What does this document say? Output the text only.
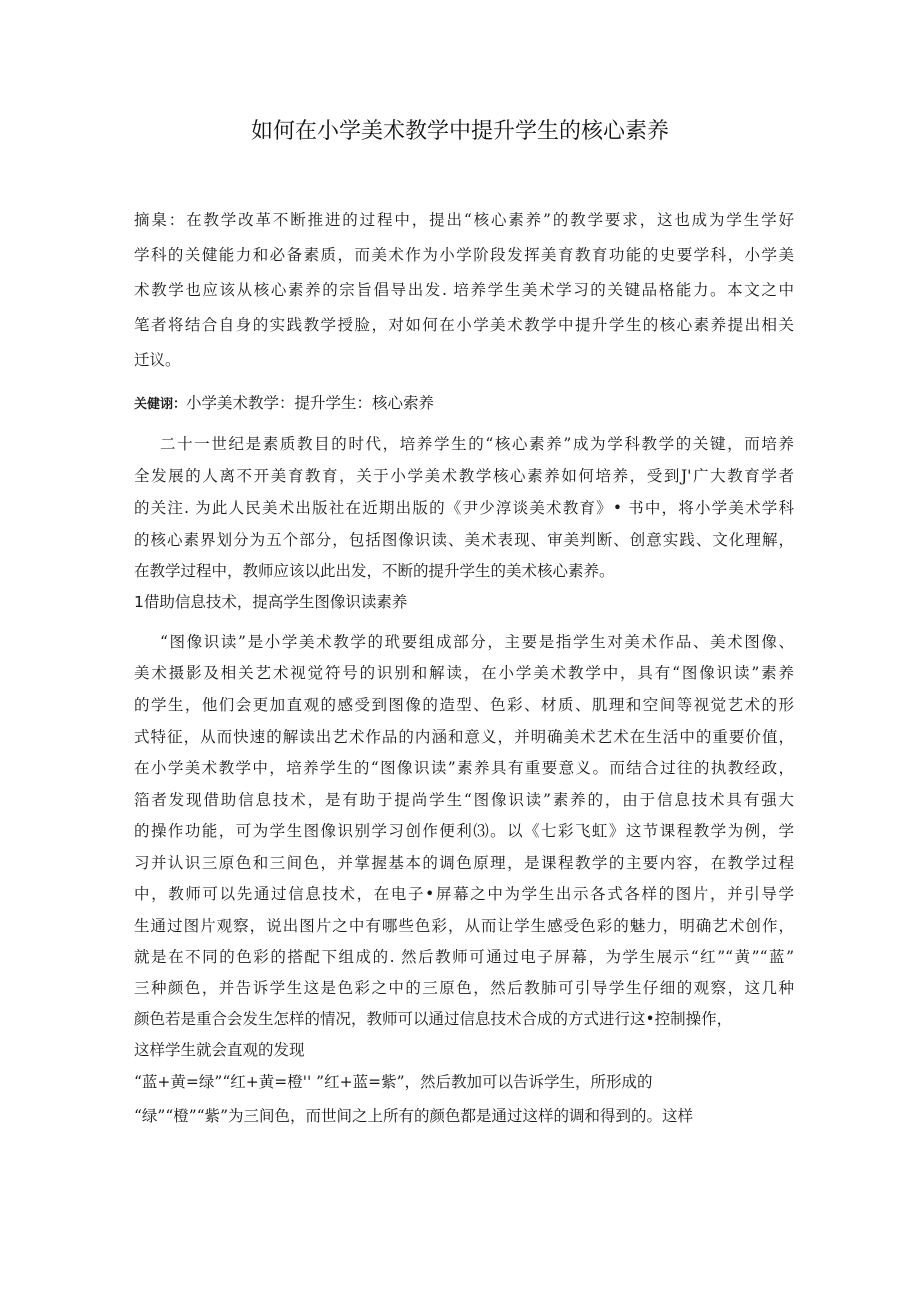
如何在小学美术教学中提升学生的核心素养
摘臬：在教学改革不断推进的过程中，提出“核心素养”的教学要求，这也成为学生学好
学科的关健能力和必备素质，而美术作为小学阶段发挥美育教育功能的史要学科，小学美
术教学也应该从核心素养的宗旨倡导出发. 培养学生美术学习的关键品格能力。本文之中
笔者将结合自身的实践教学授脸，对如何在小学美术教学中提升学生的核心素养提出相关
迁议。
关健诩：小学美术教学：提升学生：核心索养
二十一世纪是素质教目的时代，培养学生的“核心素养”成为学科教学的关键，而培养
全发展的人离不开美育教育，关于小学美术教学核心素养如何培养，受到J'广大教育学者
的关注. 为此人民美术出版社在近期出版的《尹少淳谈美术教育》• 书中，将小学美术学科
的核心素界划分为五个部分，包括图像识读、美术表现、审美判断、创意实践、文化理解，
在教学过程中，教师应该以此出发，不断的提升学生的美术核心素养。
1借助信息技术，提高学生图像识读素养
“图像识读”是小学美术教学的玳要组成部分，主要是指学生对美术作品、美术图像、
美术摄影及相关艺术视觉符号的识别和解读，在小学美术教学中，具有“图像识读”素养
的学生，他们会更加直观的感受到图像的造型、色彩、材质、肌理和空间等视觉艺术的形
式特征，从而快速的解读出艺术作品的内涵和意义，并明确美术艺术在生活中的重要价值，
在小学美术教学中，培养学生的“图像识读”素养具有重要意义。而结合过往的执教经政，
箔者发现借助信息技术，是有助于提尚学生“图像识读”素养的，由于信息技术具有强大
的操作功能，可为学生图像识别学习创作便利⑶。以《七彩飞虹》这节课程教学为例，学
习并认识三原色和三间色，并掌握基本的调色原理，是课程教学的主要内容，在教学过程
中，教师可以先通过信息技术，在电子•屏幕之中为学生出示各式各样的图片，并引导学
生通过图片观察，说出图片之中有哪些色彩，从而让学生感受色彩的魅力，明确艺术创作，
就是在不同的色彩的搭配下组成的. 然后教师可通过电子屏幕，为学生展示“红”“黄”“蓝”
三种颜色，并告诉学生这是色彩之中的三原色，然后教肺可引导学生仔细的观察，这几种
颜色若是重合会发生怎样的情况，教师可以通过信息技术合成的方式进行这•控制操作，
这样学生就会直观的发现
“蓝+黄=绿”“红+黄=橙'' ”红+蓝=紫”，然后教加可以告诉学生，所形成的
“绿”“橙”“紫”为三间色，而世间之上所有的颜色都是通过这样的调和得到的。这样
